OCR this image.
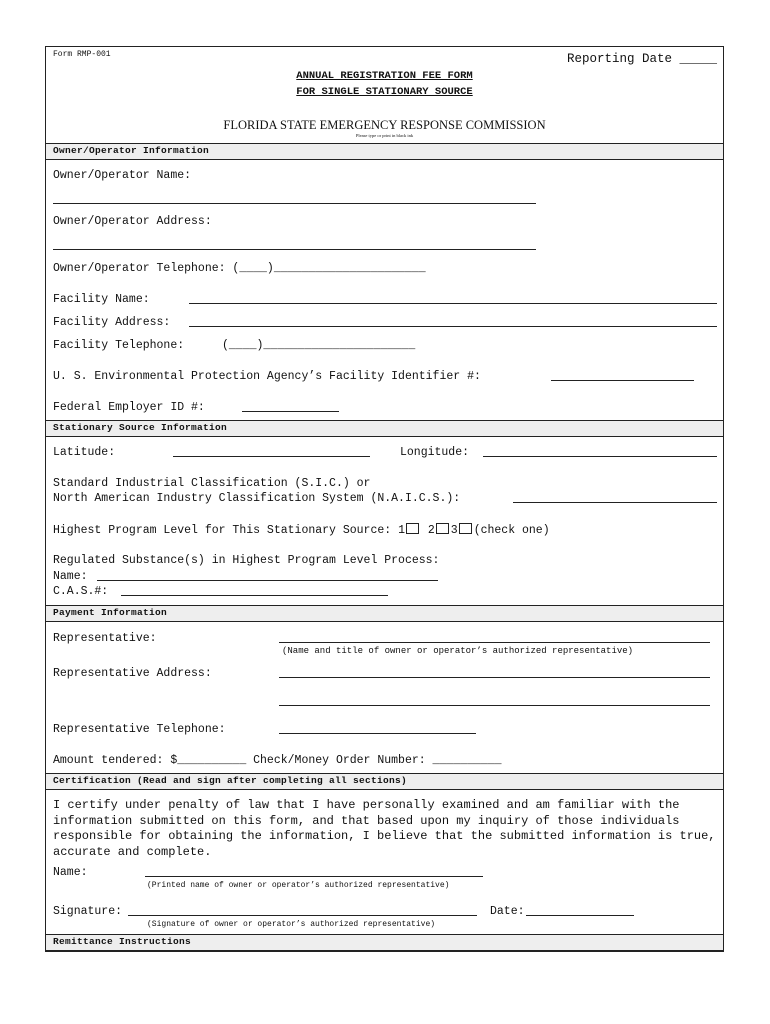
Form RMP-001	Reporting Date _____
ANNUAL REGISTRATION FEE FORM
FOR SINGLE STATIONARY SOURCE
FLORIDA STATE EMERGENCY RESPONSE COMMISSION
Please type or print in black ink
Owner/Operator Information
Owner/Operator Name:
Owner/Operator Address:
Owner/Operator Telephone: (____)______________________
Facility Name:
Facility Address:
Facility Telephone:	(____)______________________
U. S. Environmental Protection Agency’s Facility Identifier #:
Federal Employer ID #:
Stationary Source Information
Latitude:	Longitude:
Standard Industrial Classification (S.I.C.) or
North American Industry Classification System (N.A.I.C.S.):
Highest Program Level for This Stationary Source: 1 2 3 (check one)
Regulated Substance(s) in Highest Program Level Process:
Name:
C.A.S.#:
Payment Information
Representative:
(Name and title of owner or operator’s authorized representative)
Representative Address:
Representative Telephone:
Amount tendered: $__________ Check/Money Order Number: __________
Certification (Read and sign after completing all sections)
I certify under penalty of law that I have personally examined and am familiar with the information submitted on this form, and that based upon my inquiry of those individuals responsible for obtaining the information, I believe that the submitted information is true, accurate and complete.
Name:
(Printed name of owner or operator’s authorized representative)
Signature:
(Signature of owner or operator’s authorized representative)
Date:
Remittance Instructions
